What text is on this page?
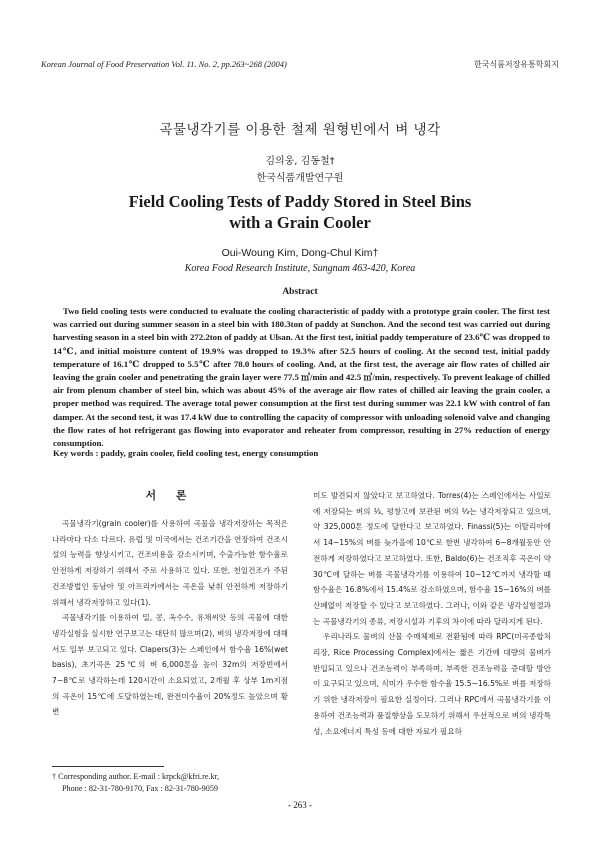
Korean Journal of Food Preservation Vol. 11. No. 2, pp.263~268 (2004)	한국식품저장유통학회지
곡물냉각기를 이용한 철제 원형빈에서 벼 냉각
김의웅, 김동철†
한국식품개발연구원
Field Cooling Tests of Paddy Stored in Steel Bins
with a Grain Cooler
Oui-Woung Kim, Dong-Chul Kim†
Korea Food Research Institute, Sungnam 463-420, Korea
Abstract
Two field cooling tests were conducted to evaluate the cooling characteristic of paddy with a prototype grain cooler. The first test was carried out during summer season in a steel bin with 180.3ton of paddy at Sunchon. And the second test was carried out during harvesting season in a steel bin with 272.2ton of paddy at Ulsan. At the first test, initial paddy temperature of 23.6℃ was dropped to 14℃, and initial moisture content of 19.9% was dropped to 19.3% after 52.5 hours of cooling. At the second test, initial paddy temperature of 16.1℃ dropped to 5.5℃ after 78.0 hours of cooling. And, at the first test, the average air flow rates of chilled air leaving the grain cooler and penetrating the grain layer were 77.5 ㎥/min and 42.5 ㎥/min, respectively. To prevent leakage of chilled air from plenum chamber of steel bin, which was about 45% of the average air flow rates of chilled air leaving the grain cooler, a proper method was required. The average total power consumption at the first test during summer was 22.1 kW with control of fan damper. At the second test, it was 17.4 kW due to controlling the capacity of compressor with unloading solenoid valve and changing the flow rates of hot refrigerant gas flowing into evaporator and reheater from compressor, resulting in 27% reduction of energy consumption.
Key words : paddy, grain cooler, field cooling test, energy consumption
서 론

곡물냉각기(grain cooler)를 사용하여 곡물을 냉각저장하는 목적은 나라마다 다소 다르다. 유럽 및 미국에서는 건조기간을 연장하여 건조시설의 능력을 향상시키고, 건조비용을 감소시키며, 수출가능한 함수율로 안전하게 저장하기 위해서 주로 사용하고 있다. 또한, 천일건조가 주된 건조방법인 동남아 및 아프리카에서는 곡온을 낮춰 안전하게 저장하기 위해서 냉각저장하고 있다(1).

곡물냉각기를 이용하여 밀, 콩, 옥수수, 유채씨앗 등의 곡물에 대한 냉각실험을 실시한 연구보고는 대단히 많으며(2), 벼의 냉각저장에 대해서도 일부 보고되고 있다. Clapers(3)는 스페인에서 함수율 16%(wet basis), 초기곡온 25℃의 벼 6,000톤을 높이 32m의 저장빈에서 7~8℃로 냉각하는데 120시간이 소요되었고, 2개월 후 상부 1m지점의 곡온이 15℃에 도달하였는데, 완전미수율이 20%정도 높았으며 황변

미도 발견되지 않았다고 보고하였다. Torres(4)는 스페인에서는 사일로에 저장되는 벼의 ⅓, 평창고에 보관된 벼의 ⅔는 냉각저장되고 있으며, 약 325,000톤 정도에 달한다고 보고하였다. Finassi(5)는 이탈리아에서 14~15%의 벼를 늦가을에 10℃로 한번 냉각하여 6~8개월동안 안전하게 저장하였다고 보고하였다. 또한, Baldo(6)는 건조직후 곡온이 약 30℃에 달하는 벼를 곡물냉각기를 이용하여 10~12℃까지 냉각할 때 함수율은 16.8%에서 15.4%로 감소하였으며, 함수율 15~16%의 벼를 산폐없이 저장할 수 있다고 보고하였다. 그러나, 이와 같은 냉각실험결과는 곡물냉각기의 종류, 저장시설과 기후의 차이에 따라 달라지게 된다.

우리나라도 물벼의 산물 수매체제로 전환됨에 따라 RPC(미곡종합처리장, Rice Processing Complex)에서는 짧은 기간에 대량의 물벼가 반입되고 있으나 건조능력이 부족하며, 부족한 건조능력을 증대할 방안이 요구되고 있으며, 식미가 우수한 함수율 15.5~16.5%로 벼를 저장하기 위한 냉각저장이 필요한 실정이다. 그러나 RPC에서 곡물냉각기를 이용하여 건조능력과 품질향상을 도모하기 위해서 우선적으로 벼의 냉각특성, 소요에너지 특성 등에 대한 자료가 필요하

† Corresponding author. E-mail : krpck@kfri.re.kr,
Phone : 82-31-780-9170, Fax : 82-31-780-9059
- 263 -
